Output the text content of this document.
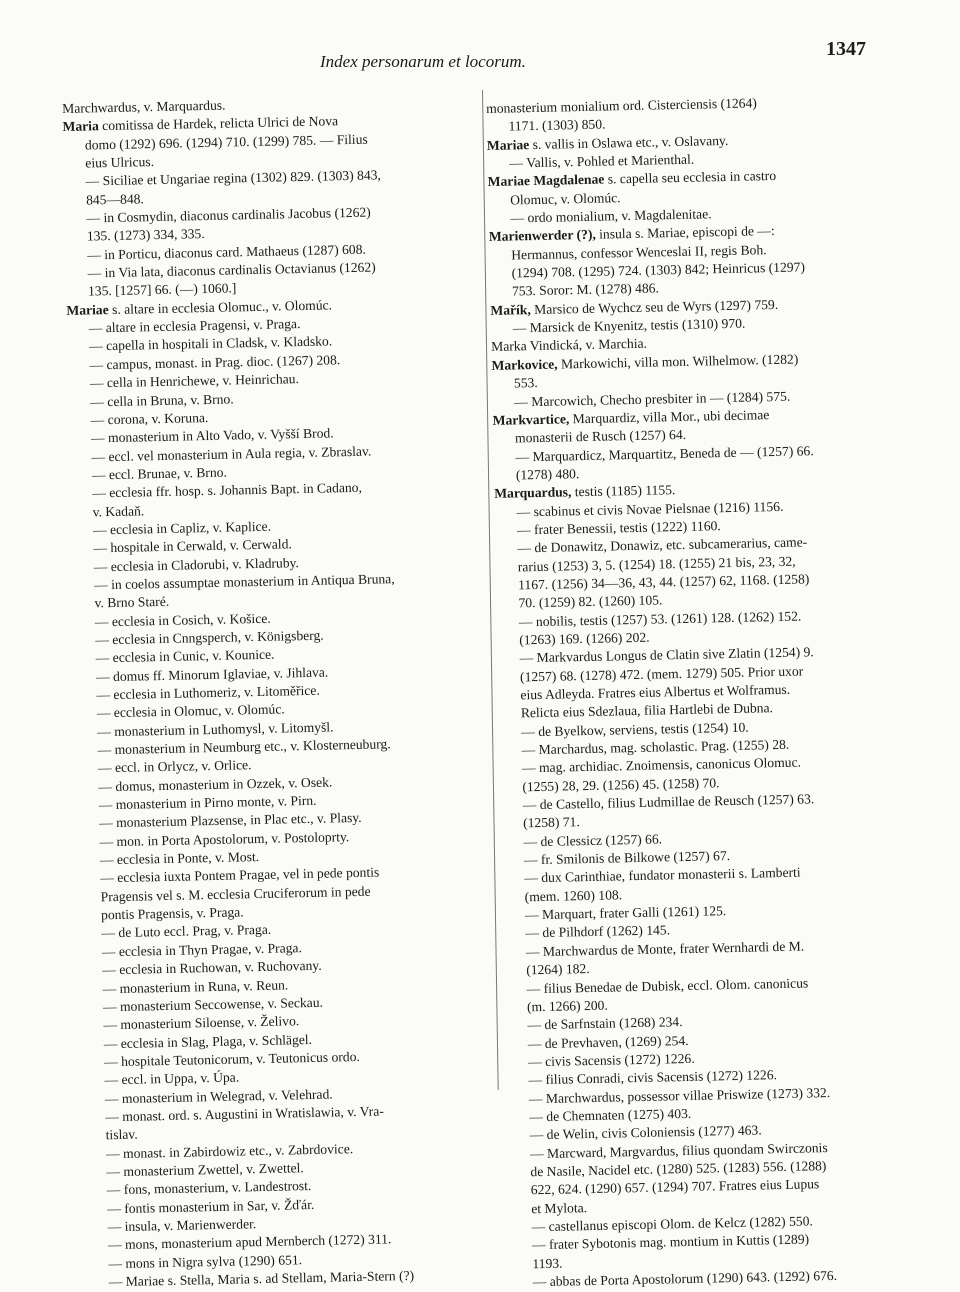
Index personarum et locorum.
1347
Marchwardus, v. Marquardus.
Maria comitissa de Hardek, relicta Ulrici de Nova
domo (1292) 696. (1294) 710. (1299) 785. — Filius
eius Ulricus.
— Siciliae et Ungariae regina (1302) 829. (1303) 843,
845—848.
— in Cosmydin, diaconus cardinalis Jacobus (1262)
135. (1273) 334, 335.
— in Porticu, diaconus card. Mathaeus (1287) 608.
— in Via lata, diaconus cardinalis Octavianus (1262)
135. [1257] 66. (—) 1060.]
Mariae s. altare in ecclesia Olomuc., v. Olomúc.
— altare in ecclesia Pragensi, v. Praga.
— capella in hospitali in Cladsk, v. Kladsko.
— campus, monast. in Prag. dioc. (1267) 208.
— cella in Henrichewe, v. Heinrichau.
— cella in Bruna, v. Brno.
— corona, v. Koruna.
— monasterium in Alto Vado, v. Vyšší Brod.
— eccl. vel monasterium in Aula regia, v. Zbraslav.
— eccl. Brunae, v. Brno.
— ecclesia ffr. hosp. s. Johannis Bapt. in Cadano,
v. Kadaň.
— ecclesia in Capliz, v. Kaplice.
— hospitale in Cerwald, v. Cerwald.
— ecclesia in Cladorubi, v. Kladruby.
— in coelos assumptae monasterium in Antiqua Bruna,
v. Brno Staré.
— ecclesia in Cosich, v. Košice.
— ecclesia in Cnngsperch, v. Königsberg.
— ecclesia in Cunic, v. Kounice.
— domus ff. Minorum Iglaviae, v. Jihlava.
— ecclesia in Luthomeriz, v. Litoměřice.
— ecclesia in Olomuc, v. Olomúc.
— monasterium in Luthomysl, v. Litomyšl.
— monasterium in Neumburg etc., v. Klosterneuburg.
— eccl. in Orlycz, v. Orlice.
— domus, monasterium in Ozzek, v. Osek.
— monasterium in Pirno monte, v. Pirn.
— monasterium Plazsense, in Plac etc., v. Plasy.
— mon. in Porta Apostolorum, v. Postoloprty.
— ecclesia in Ponte, v. Most.
— ecclesia iuxta Pontem Pragae, vel in pede pontis
Pragensis vel s. M. ecclesia Cruciferorum in pede
pontis Pragensis, v. Praga.
— de Luto eccl. Prag, v. Praga.
— ecclesia in Thyn Pragae, v. Praga.
— ecclesia in Ruchowan, v. Ruchovany.
— monasterium in Runa, v. Reun.
— monasterium Seccowense, v. Seckau.
— monasterium Siloense, v. Želivo.
— ecclesia in Slag, Plaga, v. Schlägel.
— hospitale Teutonicorum, v. Teutonicus ordo.
— eccl. in Uppa, v. Úpa.
— monasterium in Welegrad, v. Velehrad.
— monast. ord. s. Augustini in Wratislawia, v. Vra-
tislav.
— monast. in Zabirdowiz etc., v. Zabrdovice.
— monasterium Zwettel, v. Zwettel.
— fons, monasterium, v. Landestrost.
— fontis monasterium in Sar, v. Žďár.
— insula, v. Marienwerder.
— mons, monasterium apud Mernberch (1272) 311.
— mons in Nigra sylva (1290) 651.
— Mariae s. Stella, Maria s. ad Stellam, Maria-Stern (?)
monasterium monialium ord. Cisterciensis (1264)
1171. (1303) 850.
Mariae s. vallis in Oslawa etc., v. Oslavany.
— Vallis, v. Pohled et Marienthal.
Mariae Magdalenae s. capella seu ecclesia in castro
Olomuc, v. Olomúc.
— ordo monialium, v. Magdalenitae.
Marienwerder (?), insula s. Mariae, episcopi de —:
Hermannus, confessor Wenceslai II, regis Boh.
(1294) 708. (1295) 724. (1303) 842; Heinricus (1297)
753. Soror: M. (1278) 486.
Mařík, Marsico de Wychcz seu de Wyrs (1297) 759.
— Marsick de Knyenitz, testis (1310) 970.
Marka Vindická, v. Marchia.
Markovice, Markowichi, villa mon. Wilhelmow. (1282)
553.
— Marcowich, Checho presbiter in — (1284) 575.
Markvartice, Marquardiz, villa Mor., ubi decimae
monasterii de Rusch (1257) 64.
— Marquardicz, Marquartitz, Beneda de — (1257) 66.
(1278) 480.
Marquardus, testis (1185) 1155.
— scabinus et civis Novae Pielsnae (1216) 1156.
— frater Benessii, testis (1222) 1160.
— de Donawitz, Donawiz, etc. subcamerarius, came-
rarius (1253) 3, 5. (1254) 18. (1255) 21 bis, 23, 32,
1167. (1256) 34—36, 43, 44. (1257) 62, 1168. (1258)
70. (1259) 82. (1260) 105.
— nobilis, testis (1257) 53. (1261) 128. (1262) 152.
(1263) 169. (1266) 202.
— Markvardus Longus de Clatin sive Zlatin (1254) 9.
(1257) 68. (1278) 472. (mem. 1279) 505. Prior uxor
eius Adleyda. Fratres eius Albertus et Wolframus.
Relicta eius Sdezlaua, filia Hartlebi de Dubna.
— de Byelkow, serviens, testis (1254) 10.
— Marchardus, mag. scholastic. Prag. (1255) 28.
— mag. archidiac. Znoimensis, canonicus Olomuc.
(1255) 28, 29. (1256) 45. (1258) 70.
— de Castello, filius Ludmillae de Reusch (1257) 63.
(1258) 71.
— de Clessicz (1257) 66.
— fr. Smilonis de Bilkowe (1257) 67.
— dux Carinthiae, fundator monasterii s. Lamberti
(mem. 1260) 108.
— Marquart, frater Galli (1261) 125.
— de Pilhdorf (1262) 145.
— Marchwardus de Monte, frater Wernhardi de M.
(1264) 182.
— filius Benedae de Dubisk, eccl. Olom. canonicus
(m. 1266) 200.
— de Sarfnstain (1268) 234.
— de Prevhaven, (1269) 254.
— civis Sacensis (1272) 1226.
— filius Conradi, civis Sacensis (1272) 1226.
— Marchwardus, possessor villae Priswize (1273) 332.
— de Chemnaten (1275) 403.
— de Welin, civis Coloniensis (1277) 463.
— Marcward, Margvardus, filius quondam Swirczonis
de Nasile, Nacidel etc. (1280) 525. (1283) 556. (1288)
622, 624. (1290) 657. (1294) 707. Fratres eius Lupus
et Mylota.
— castellanus episcopi Olom. de Kelcz (1282) 550.
— frater Sybotonis mag. montium in Kuttis (1289)
1193.
— abbas de Porta Apostolorum (1290) 643. (1292) 676.
